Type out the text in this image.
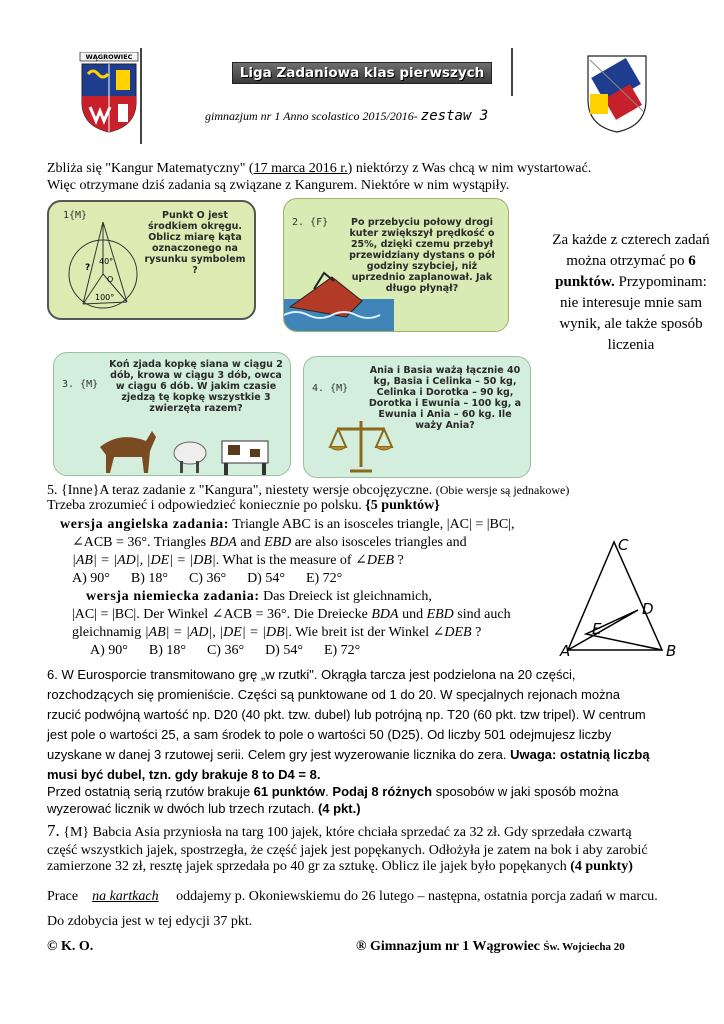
WĄGROWIEC
Liga Zadaniowa klas pierwszych
gimnazjum nr 1 Anno scolastico 2015/2016- zestaw 3
Zbliża się "Kangur Matematyczny" (17 marca 2016 r.) niektórzy z Was chcą w nim wystartować.
Więc otrzymane dziś zadania są związane z Kangurem. Niektóre w nim wystąpiły.
1{M}
40°
O
100°
?
Punkt O jest środkiem okręgu. Oblicz miarę kąta oznaczonego na rysunku symbolem ?
2. {F}	Po przebyciu połowy drogi kuter zwiększył prędkość o 25%, dzięki czemu przebył przewidziany dystans o pół godziny szybciej, niż uprzednio zaplanował. Jak długo płynął?
Za każde z czterech zadań można otrzymać po 6 punktów. Przypominam: nie interesuje mnie sam wynik, ale także sposób liczenia
3. {M}
Koń zjada kopkę siana w ciągu 2 dób, krowa w ciągu 3 dób, owca w ciągu 6 dób. W jakim czasie zjedzą tę kopkę wszystkie 3 zwierzęta razem?
4. {M}
Ania i Basia ważą łącznie 40 kg, Basia i Celinka – 50 kg, Celinka i Dorotka – 90 kg, Dorotka i Ewunia – 100 kg, a Ewunia i Ania – 60 kg. Ile waży Ania?
5. {Inne}A teraz zadanie z "Kangura", niestety wersje obcojęzyczne. (Obie wersje są jednakowe)
Trzeba zrozumieć i odpowiedzieć koniecznie po polsku. {5 punktów}
wersja angielska zadania: Triangle ABC is an isosceles triangle, |AC| = |BC|,
∠ACB = 36°. Triangles BDA and EBD are also isosceles triangles and
|AB| = |AD|, |DE| = |DB|. What is the measure of ∠DEB ?
A) 90°      B) 18°      C) 36°      D) 54°      E) 72°
wersja niemiecka zadania: Das Dreieck ist gleichnamich,
|AC| = |BC|. Der Winkel ∠ACB = 36°. Die Dreiecke BDA und EBD sind auch
gleichnamig |AB| = |AD|, |DE| = |DB|. Wie breit ist der Winkel ∠DEB ?
A) 90°      B) 18°      C) 36°      D) 54°      E) 72°
C
D
E
A	B
6. W Eurosporcie transmitowano grę „w rzutki". Okrągła tarcza jest podzielona na 20 części,
rozchodzących się promieniście. Części są punktowane od 1 do 20. W specjalnych rejonach można
rzucić podwójną wartość np. D20 (40 pkt. tzw. dubel) lub potrójną np. T20 (60 pkt. tzw tripel). W centrum
jest pole o wartości 25, a sam środek to pole o wartości 50 (D25). Od liczby 501 odejmujesz liczby
uzyskane w danej 3 rzutowej serii. Celem gry jest wyzerowanie licznika do zera. Uwaga: ostatnią liczbą
musi być dubel, tzn. gdy brakuje 8 to D4 = 8.
Przed ostatnią serią rzutów brakuje 61 punktów. Podaj 8 różnych sposobów w jaki sposób można
wyzerować licznik w dwóch lub trzech rzutach. (4 pkt.)
7. {M} Babcia Asia przyniosła na targ 100 jajek, które chciała sprzedać za 32 zł. Gdy sprzedała czwartą
część wszystkich jajek, spostrzegła, że część jajek jest popękanych. Odłożyła je zatem na bok i aby zarobić
zamierzone 32 zł, resztę jajek sprzedała po 40 gr za sztukę. Oblicz ile jajek było popękanych (4 punkty)
Prace    na kartkach     oddajemy p. Okoniewskiemu do 26 lutego – następna, ostatnia porcja zadań w marcu.
Do zdobycia jest w tej edycji 37 pkt.
© K. O.	® Gimnazjum nr 1 Wągrowiec Św. Wojciecha 20
